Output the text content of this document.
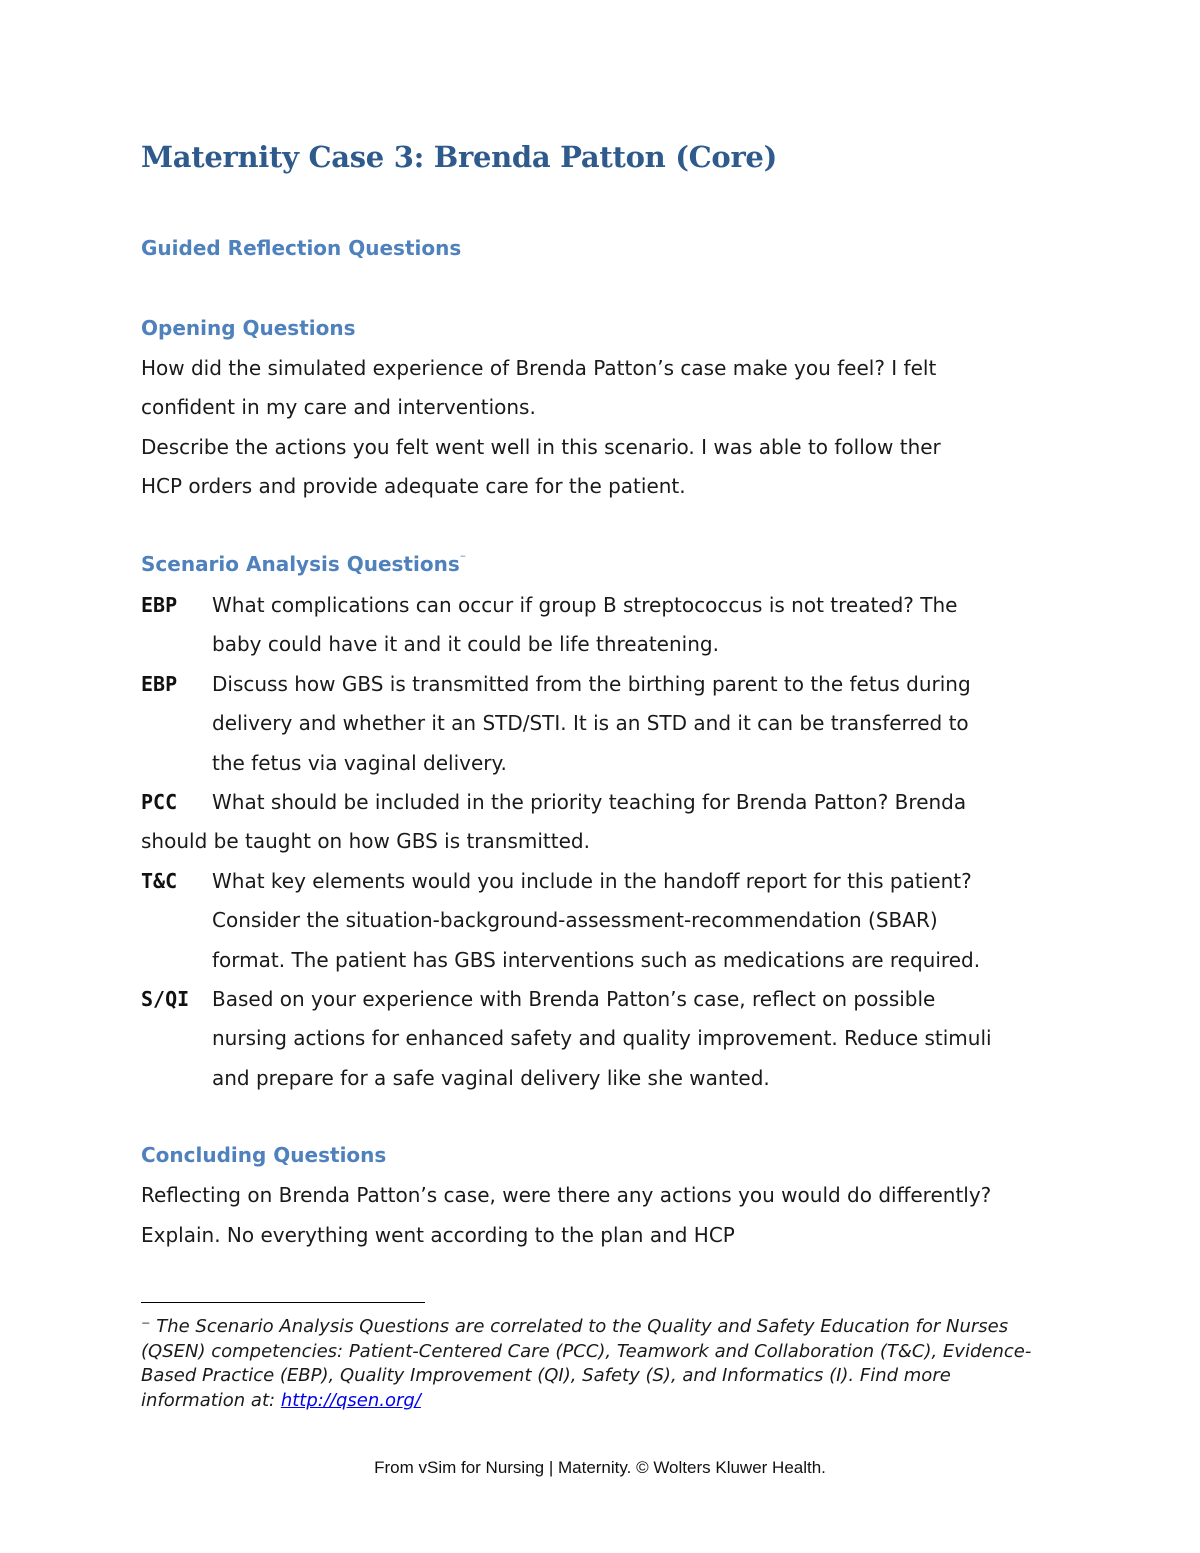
Maternity Case 3: Brenda Patton (Core)
Guided Reflection Questions
Opening Questions
How did the simulated experience of Brenda Patton’s case make you feel? I felt
confident in my care and interventions.
Describe the actions you felt went well in this scenario. I was able to follow ther
HCP orders and provide adequate care for the patient.
Scenario Analysis Questions⁻
EBP What complications can occur if group B streptococcus is not treated? The
baby could have it and it could be life threatening.
EBP Discuss how GBS is transmitted from the birthing parent to the fetus during
delivery and whether it an STD/STI. It is an STD and it can be transferred to
the fetus via vaginal delivery.
PCC What should be included in the priority teaching for Brenda Patton? Brenda
should be taught on how GBS is transmitted.
T&C What key elements would you include in the handoff report for this patient?
Consider the situation-background-assessment-recommendation (SBAR)
format. The patient has GBS interventions such as medications are required.
S/QI Based on your experience with Brenda Patton’s case, reflect on possible
nursing actions for enhanced safety and quality improvement. Reduce stimuli
and prepare for a safe vaginal delivery like she wanted.
Concluding Questions
Reflecting on Brenda Patton’s case, were there any actions you would do differently?
Explain. No everything went according to the plan and HCP
⁻ The Scenario Analysis Questions are correlated to the Quality and Safety Education for Nurses (QSEN) competencies: Patient-Centered Care (PCC), Teamwork and Collaboration (T&C), Evidence-Based Practice (EBP), Quality Improvement (QI), Safety (S), and Informatics (I). Find more information at: http://qsen.org/
From vSim for Nursing | Maternity. © Wolters Kluwer Health.
